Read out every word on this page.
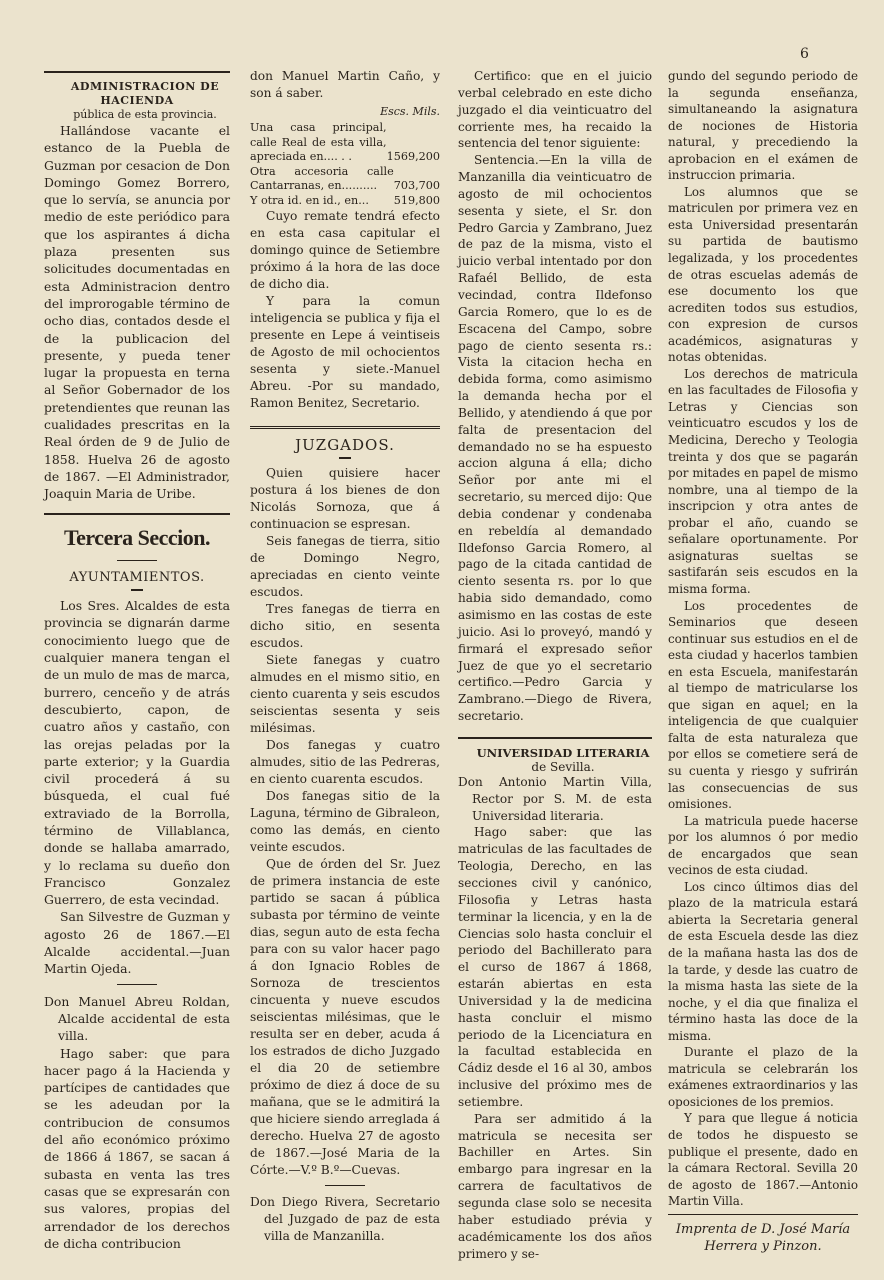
6

ADMINISTRACION DE HACIENDA

pública de esta provincia.

Hallándose vacante el estanco de la Puebla de Guzman por cesacion de Don Domingo Gomez Borrero, que lo servía, se anuncia por medio de este periódico para que los aspirantes á dicha plaza presenten sus solicitudes documentadas en esta Administracion dentro del improrogable término de ocho dias, contados desde el de la publicacion del presente, y pueda tener lugar la propuesta en terna al Señor Gobernador de los pretendientes que reunan las cualidades prescritas en la Real órden de 9 de Julio de 1858. Huelva 26 de agosto de 1867. —El Administrador, Joaquin Maria de Uribe.

Tercera Seccion.
AYUNTAMIENTOS.

Los Sres. Alcaldes de esta provincia se dignarán darme conocimiento luego que de cualquier manera tengan el de un mulo de mas de marca, burrero, cenceño y de atrás descubierto, capon, de cuatro años y castaño, con las orejas peladas por la parte exterior; y la Guardia civil procederá á su búsqueda, el cual fué extraviado de la Borrolla, término de Villablanca, donde se hallaba amarrado, y lo reclama su dueño don Francisco Gonzalez Guerrero, de esta vecindad.

San Silvestre de Guzman y agosto 26 de 1867.—El Alcalde accidental.—Juan Martin Ojeda.

Don Manuel Abreu Roldan, Alcalde accidental de esta villa.

Hago saber: que para hacer pago á la Hacienda y partícipes de cantidades que se les adeudan por la contribucion de consumos del año económico próximo de 1866 á 1867, se sacan á subasta en venta las tres casas que se expresarán con sus valores, propias del arrendador de los derechos de dicha contribucion

don Manuel Martin Caño, y son á saber.

Escs. Mils.
Una casa principal, calle Real de esta villa, apreciada en.... . .	1569,200
Otra accesoria calle Cantarranas, en..........	703,700
Y otra id. en id., en...	519,800

Cuyo remate tendrá efecto en esta casa capitular el domingo quince de Setiembre próximo á la hora de las doce de dicho dia.

Y para la comun inteligencia se publica y fija el presente en Lepe á veintiseis de Agosto de mil ochocientos sesenta y siete.-Manuel Abreu. -Por su mandado, Ramon Benitez, Secretario.

JUZGADOS.

Quien quisiere hacer postura á los bienes de don Nicolás Sornoza, que á continuacion se espresan.

Seis fanegas de tierra, sitio de Domingo Negro, apreciadas en ciento veinte escudos.

Tres fanegas de tierra en dicho sitio, en sesenta escudos.

Siete fanegas y cuatro almudes en el mismo sitio, en ciento cuarenta y seis escudos seiscientas sesenta y seis milésimas.

Dos fanegas y cuatro almudes, sitio de las Pedreras, en ciento cuarenta escudos.

Dos fanegas sitio de la Laguna, término de Gibraleon, como las demás, en ciento veinte escudos.

Que de órden del Sr. Juez de primera instancia de este partido se sacan á pública subasta por término de veinte dias, segun auto de esta fecha para con su valor hacer pago á don Ignacio Robles de Sornoza de trescientos cincuenta y nueve escudos seiscientas milésimas, que le resulta ser en deber, acuda á los estrados de dicho Juzgado el dia 20 de setiembre próximo de diez á doce de su mañana, que se le admitirá la que hiciere siendo arreglada á derecho. Huelva 27 de agosto de 1867.—José Maria de la Córte.—V.º B.º—Cuevas.

Don Diego Rivera, Secretario del Juzgado de paz de esta villa de Manzanilla.

Certifico: que en el juicio verbal celebrado en este dicho juzgado el dia veinticuatro del corriente mes, ha recaido la sentencia del tenor siguiente:

Sentencia.—En la villa de Manzanilla dia veinticuatro de agosto de mil ochocientos sesenta y siete, el Sr. don Pedro Garcia y Zambrano, Juez de paz de la misma, visto el juicio verbal intentado por don Rafaél Bellido, de esta vecindad, contra Ildefonso Garcia Romero, que lo es de Escacena del Campo, sobre pago de ciento sesenta rs.: Vista la citacion hecha en debida forma, como asimismo la demanda hecha por el Bellido, y atendiendo á que por falta de presentacion del demandado no se ha espuesto accion alguna á ella; dicho Señor por ante mi el secretario, su merced dijo: Que debia condenar y condenaba en rebeldía al demandado Ildefonso Garcia Romero, al pago de la citada cantidad de ciento sesenta rs. por lo que habia sido demandado, como asimismo en las costas de este juicio. Asi lo proveyó, mandó y firmará el expresado señor Juez de que yo el secretario certifico.—Pedro Garcia y Zambrano.—Diego de Rivera, secretario.

UNIVERSIDAD LITERARIA

de Sevilla.

Don Antonio Martin Villa, Rector por S. M. de esta Universidad literaria.

Hago saber: que las matriculas de las facultades de Teologia, Derecho, en las secciones civil y canónico, Filosofia y Letras hasta terminar la licencia, y en la de Ciencias solo hasta concluir el periodo del Bachillerato para el curso de 1867 á 1868, estarán abiertas en esta Universidad y la de medicina hasta concluir el mismo periodo de la Licenciatura en la facultad establecida en Cádiz desde el 16 al 30, ambos inclusive del próximo mes de setiembre.

Para ser admitido á la matricula se necesita ser Bachiller en Artes. Sin embargo para ingresar en la carrera de facultativos de segunda clase solo se necesita haber estudiado prévia y académicamente los dos años primero y se-

gundo del segundo periodo de la segunda enseñanza, simultaneando la asignatura de nociones de Historia natural, y precediendo la aprobacion en el exámen de instruccion primaria.

Los alumnos que se matriculen por primera vez en esta Universidad presentarán su partida de bautismo legalizada, y los procedentes de otras escuelas además de ese documento los que acrediten todos sus estudios, con expresion de cursos académicos, asignaturas y notas obtenidas.

Los derechos de matricula en las facultades de Filosofia y Letras y Ciencias son veinticuatro escudos y los de Medicina, Derecho y Teologia treinta y dos que se pagarán por mitades en papel de mismo nombre, una al tiempo de la inscripcion y otra antes de probar el año, cuando se señalare oportunamente. Por asignaturas sueltas se sastifarán seis escudos en la misma forma.

Los procedentes de Seminarios que deseen continuar sus estudios en el de esta ciudad y hacerlos tambien en esta Escuela, manifestarán al tiempo de matricularse los que sigan en aquel; en la inteligencia de que cualquier falta de esta naturaleza que por ellos se cometiere será de su cuenta y riesgo y sufrirán las consecuencias de sus omisiones.

La matricula puede hacerse por los alumnos ó por medio de encargados que sean vecinos de esta ciudad.

Los cinco últimos dias del plazo de la matricula estará abierta la Secretaria general de esta Escuela desde las diez de la mañana hasta las dos de la tarde, y desde las cuatro de la misma hasta las siete de la noche, y el dia que finaliza el término hasta las doce de la misma.

Durante el plazo de la matricula se celebrarán los exámenes extraordinarios y las oposiciones de los premios.

Y para que llegue á noticia de todos he dispuesto se publique el presente, dado en la cámara Rectoral. Sevilla 20 de agosto de 1867.—Antonio Martin Villa.

Imprenta de D. José María Herrera y Pinzon.
